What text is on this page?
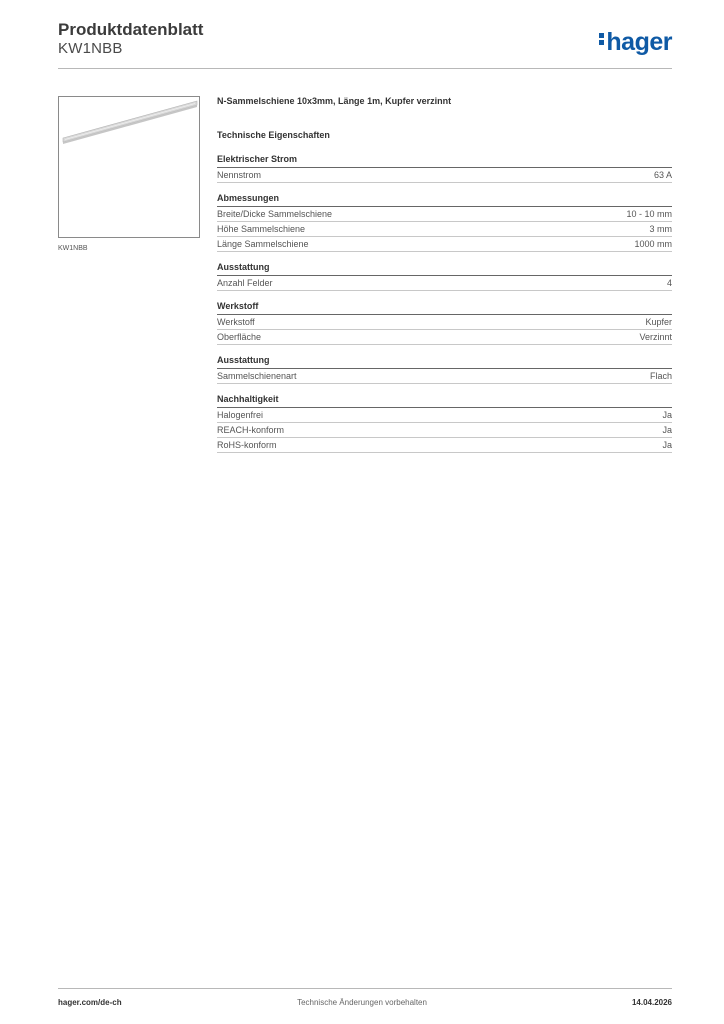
Produktdatenblatt
KW1NBB	hager
KW1NBB
N-Sammelschiene 10x3mm, Länge 1m, Kupfer verzinnt
Technische Eigenschaften
Elektrischer Strom
Nennstrom	63 A
Abmessungen
Breite/Dicke Sammelschiene	10 - 10 mm
Höhe Sammelschiene	3 mm
Länge Sammelschiene	1000 mm
Ausstattung
Anzahl Felder	4
Werkstoff
Werkstoff	Kupfer
Oberfläche	Verzinnt
Ausstattung
Sammelschienenart	Flach
Nachhaltigkeit
Halogenfrei	Ja
REACH-konform	Ja
RoHS-konform	Ja
hager.com/de-ch	Technische Änderungen vorbehalten	14.04.2026
